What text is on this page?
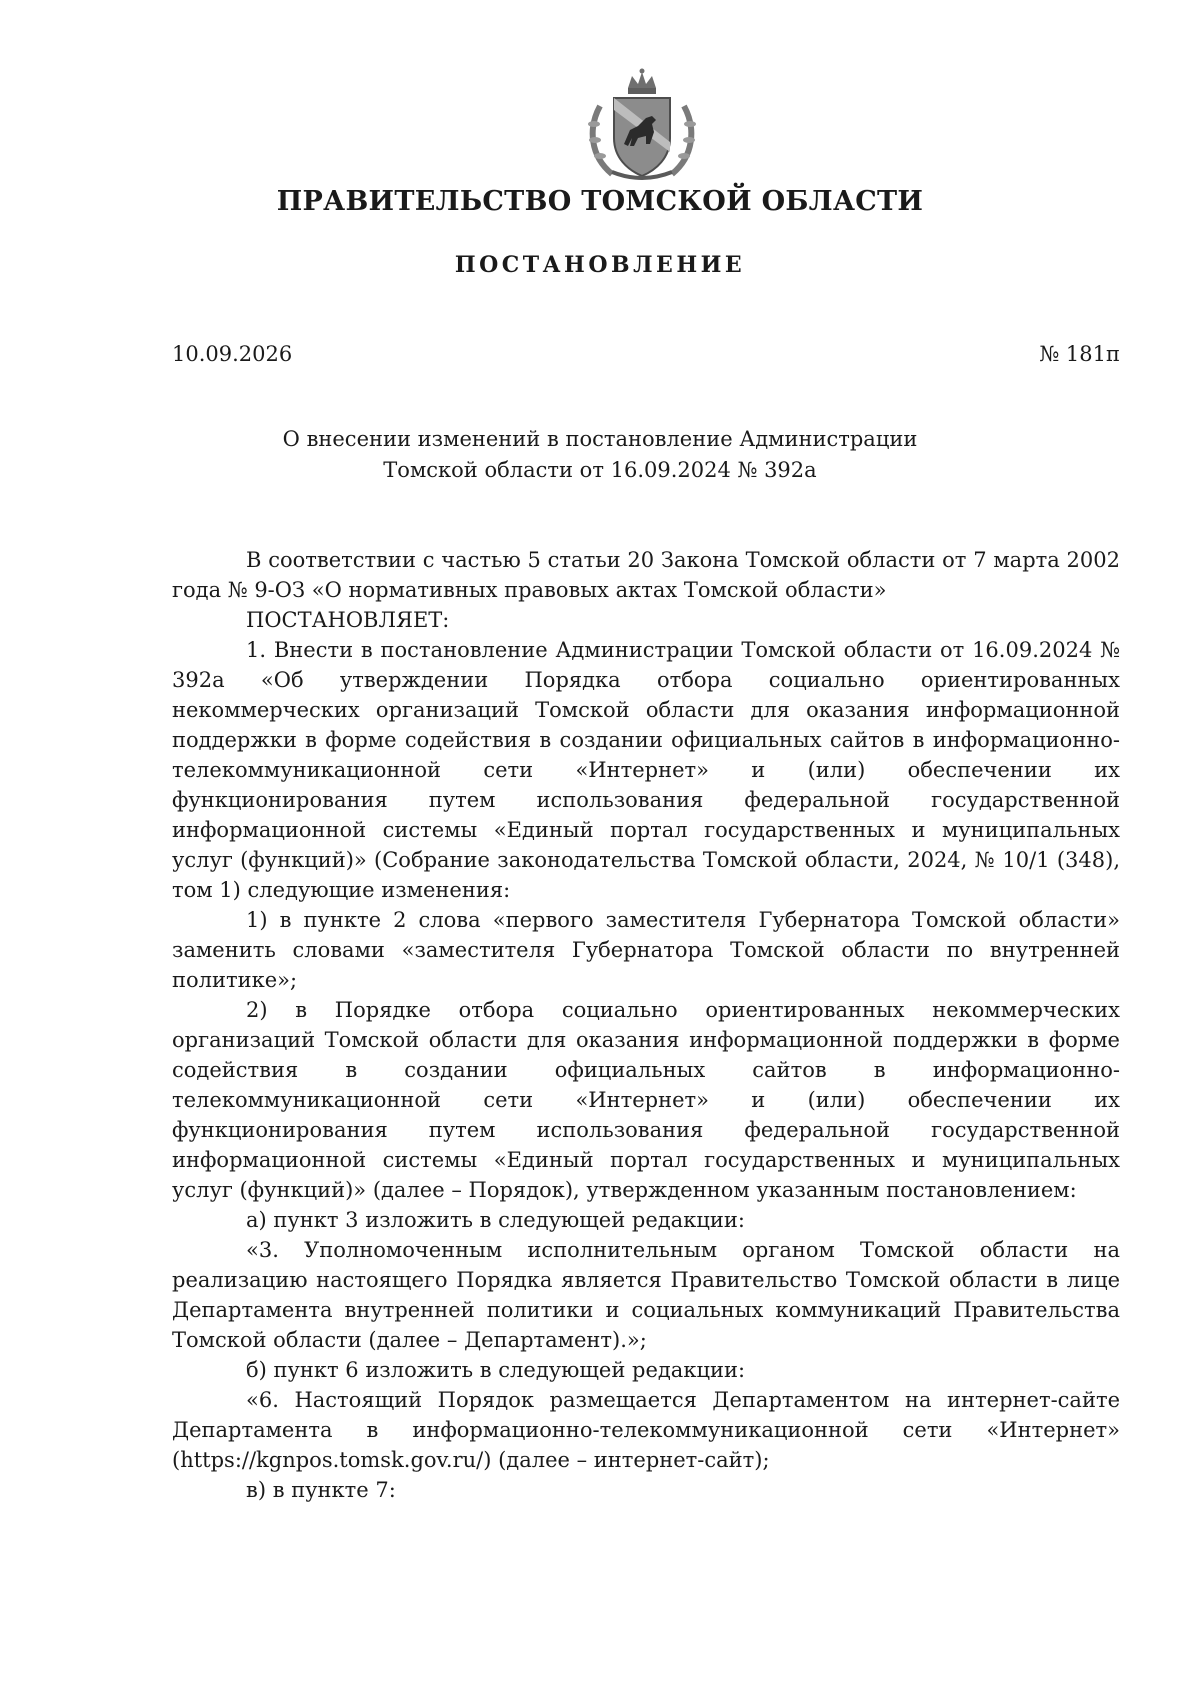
ПРАВИТЕЛЬСТВО ТОМСКОЙ ОБЛАСТИ
ПОСТАНОВЛЕНИЕ
10.09.2026	№ 181п
О внесении изменений в постановление Администрации
Томской области от 16.09.2024 № 392а

В соответствии с частью 5 статьи 20 Закона Томской области от 7 марта 2002 года № 9-ОЗ «О нормативных правовых актах Томской области»

ПОСТАНОВЛЯЕТ:

1. Внести в постановление Администрации Томской области от 16.09.2024 № 392а «Об утверждении Порядка отбора социально ориентированных некоммерческих организаций Томской области для оказания информационной поддержки в форме содействия в создании официальных сайтов в информационно-телекоммуникационной сети «Интернет» и (или) обеспечении их функционирования путем использования федеральной государственной информационной системы «Единый портал государственных и муниципальных услуг (функций)» (Собрание законодательства Томской области, 2024, № 10/1 (348), том 1) следующие изменения:

1) в пункте 2 слова «первого заместителя Губернатора Томской области» заменить словами «заместителя Губернатора Томской области по внутренней политике»;

2) в Порядке отбора социально ориентированных некоммерческих организаций Томской области для оказания информационной поддержки в форме содействия в создании официальных сайтов в информационно-телекоммуникационной сети «Интернет» и (или) обеспечении их функционирования путем использования федеральной государственной информационной системы «Единый портал государственных и муниципальных услуг (функций)» (далее – Порядок), утвержденном указанным постановлением:

а) пункт 3 изложить в следующей редакции:

«3. Уполномоченным исполнительным органом Томской области на реализацию настоящего Порядка является Правительство Томской области в лице Департамента внутренней политики и социальных коммуникаций Правительства Томской области (далее – Департамент).»;

б) пункт 6 изложить в следующей редакции:

«6. Настоящий Порядок размещается Департаментом на интернет-сайте Департамента в информационно-телекоммуникационной сети «Интернет» (https://kgnpos.tomsk.gov.ru/) (далее – интернет-сайт);

в) в пункте 7:
